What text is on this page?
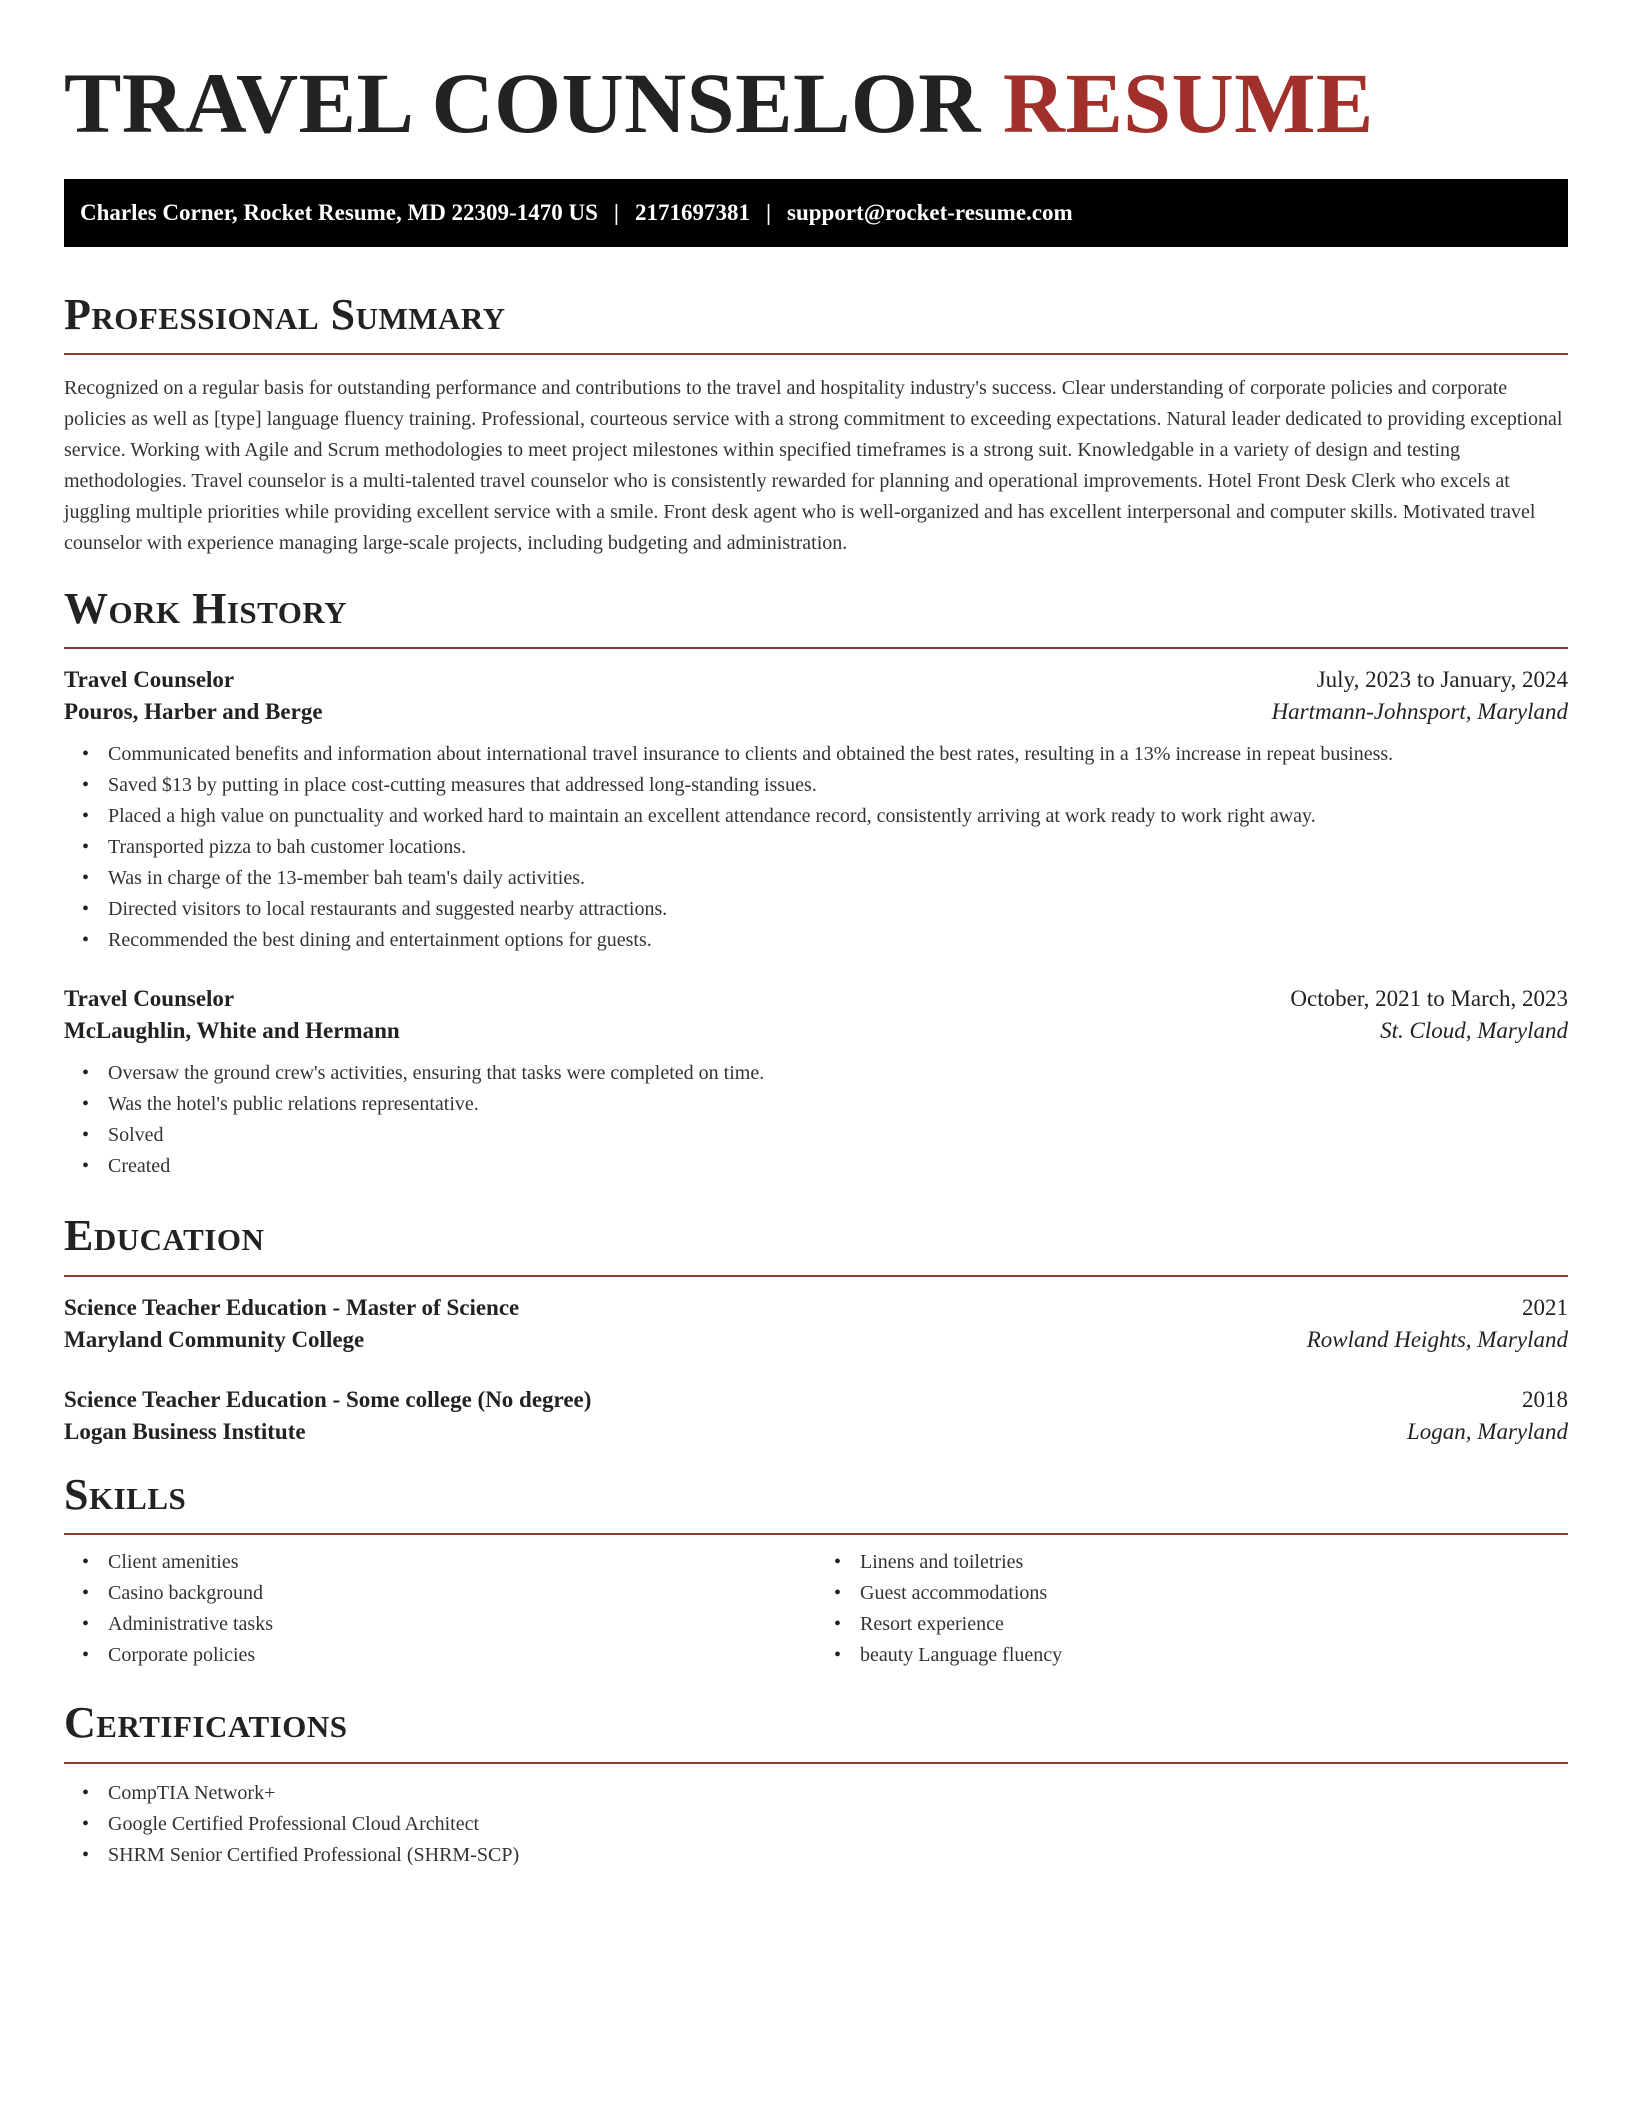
TRAVEL COUNSELOR RESUME
Charles Corner, Rocket Resume, MD 22309-1470 US | 2171697381 | support@rocket-resume.com
Professional Summary

Recognized on a regular basis for outstanding performance and contributions to the travel and hospitality industry's success. Clear understanding of corporate policies and corporate policies as well as [type] language fluency training. Professional, courteous service with a strong commitment to exceeding expectations. Natural leader dedicated to providing exceptional service. Working with Agile and Scrum methodologies to meet project milestones within specified timeframes is a strong suit. Knowledgable in a variety of design and testing methodologies. Travel counselor is a multi-talented travel counselor who is consistently rewarded for planning and operational improvements. Hotel Front Desk Clerk who excels at juggling multiple priorities while providing excellent service with a smile. Front desk agent who is well-organized and has excellent interpersonal and computer skills. Motivated travel counselor with experience managing large-scale projects, including budgeting and administration.

Work History
Travel Counselor	July, 2023 to January, 2024
Pouros, Harber and Berge	Hartmann-Johnsport, Maryland
• Communicated benefits and information about international travel insurance to clients and obtained the best rates, resulting in a 13% increase in repeat business.
• Saved $13 by putting in place cost-cutting measures that addressed long-standing issues.
• Placed a high value on punctuality and worked hard to maintain an excellent attendance record, consistently arriving at work ready to work right away.
• Transported pizza to bah customer locations.
• Was in charge of the 13-member bah team's daily activities.
• Directed visitors to local restaurants and suggested nearby attractions.
• Recommended the best dining and entertainment options for guests.
Travel Counselor	October, 2021 to March, 2023
McLaughlin, White and Hermann	St. Cloud, Maryland
• Oversaw the ground crew's activities, ensuring that tasks were completed on time.
• Was the hotel's public relations representative.
• Solved
• Created
Education
Science Teacher Education - Master of Science	2021
Maryland Community College	Rowland Heights, Maryland
Science Teacher Education - Some college (No degree)	2018
Logan Business Institute	Logan, Maryland
Skills
• Client amenities
• Casino background
• Administrative tasks
• Corporate policies
• Linens and toiletries
• Guest accommodations
• Resort experience
• beauty Language fluency
Certifications
• CompTIA Network+
• Google Certified Professional Cloud Architect
• SHRM Senior Certified Professional (SHRM-SCP)
